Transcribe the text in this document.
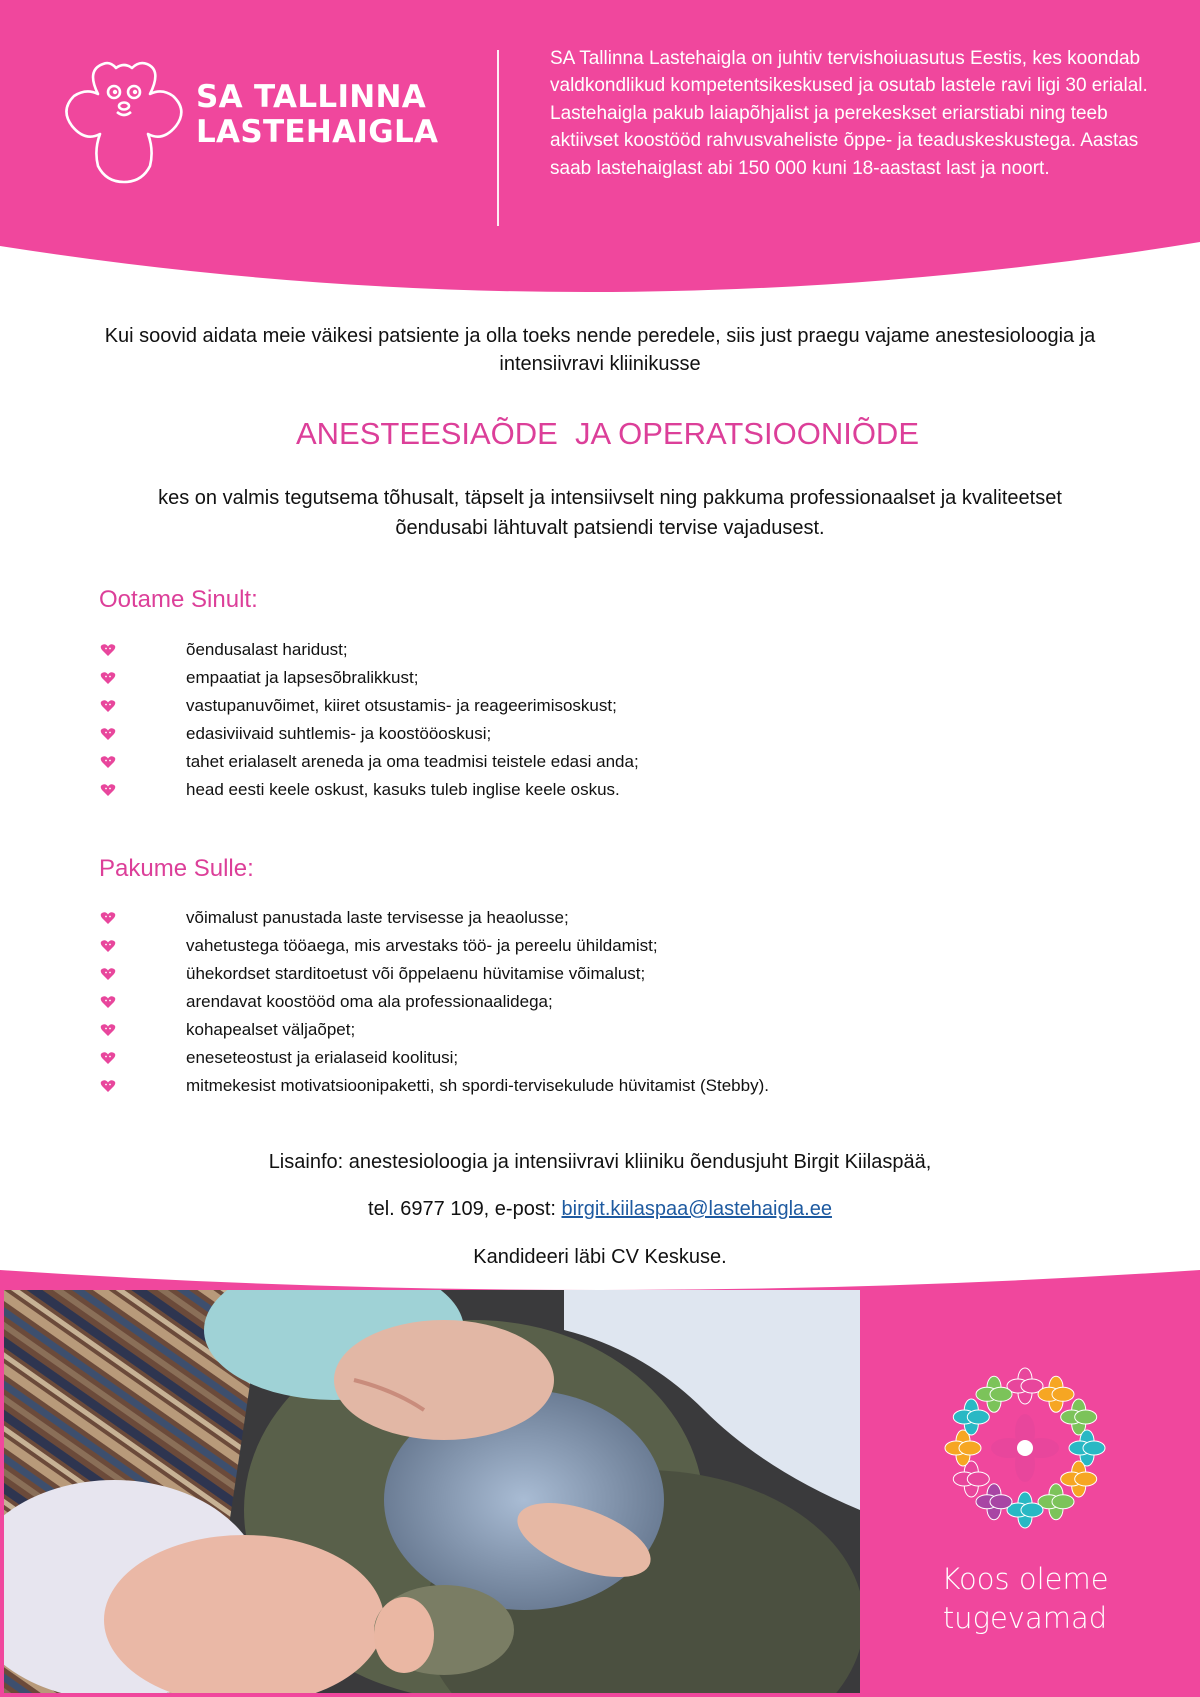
SA TALLINNA
LASTEHAIGLA
SA Tallinna Lastehaigla on juhtiv tervishoiuasutus Eestis, kes koondab valdkondlikud kompetentsikeskused ja osutab lastele ravi ligi 30 erialal. Lastehaigla pakub laiapõhjalist ja perekeskset eriarstiabi ning teeb aktiivset koostööd rahvusvaheliste õppe- ja teaduskeskustega. Aastas saab lastehaiglast abi 150 000 kuni 18-aastast last ja noort.
Kui soovid aidata meie väikesi patsiente ja olla toeks nende peredele, siis just praegu vajame anestesioloogia ja intensiivravi kliinikusse
ANESTEESIAÕDE  JA OPERATSIOONIÕDE
kes on valmis tegutsema tõhusalt, täpselt ja intensiivselt ning pakkuma professionaalset ja kvaliteetset õendusabi lähtuvalt patsiendi tervise vajadusest.
Ootame Sinult:
õendusalast haridust;
empaatiat ja lapsesõbralikkust;
vastupanuvõimet, kiiret otsustamis- ja reageerimisoskust;
edasiviivaid suhtlemis- ja koostööoskusi;
tahet erialaselt areneda ja oma teadmisi teistele edasi anda;
head eesti keele oskust, kasuks tuleb inglise keele oskus.
Pakume Sulle:
võimalust panustada laste tervisesse ja heaolusse;
vahetustega tööaega, mis arvestaks töö- ja pereelu ühildamist;
ühekordset starditoetust või õppelaenu hüvitamise võimalust;
arendavat koostööd oma ala professionaalidega;
kohapealset väljaõpet;
eneseteostust ja erialaseid koolitusi;
mitmekesist motivatsioonipaketti, sh spordi-tervisekulude hüvitamist (Stebby).
Lisainfo: anestesioloogia ja intensiivravi kliiniku õendusjuht Birgit Kiilaspää,
tel. 6977 109, e-post: birgit.kiilaspaa@lastehaigla.ee
Kandideeri läbi CV Keskuse.
Koos oleme
tugevamad
